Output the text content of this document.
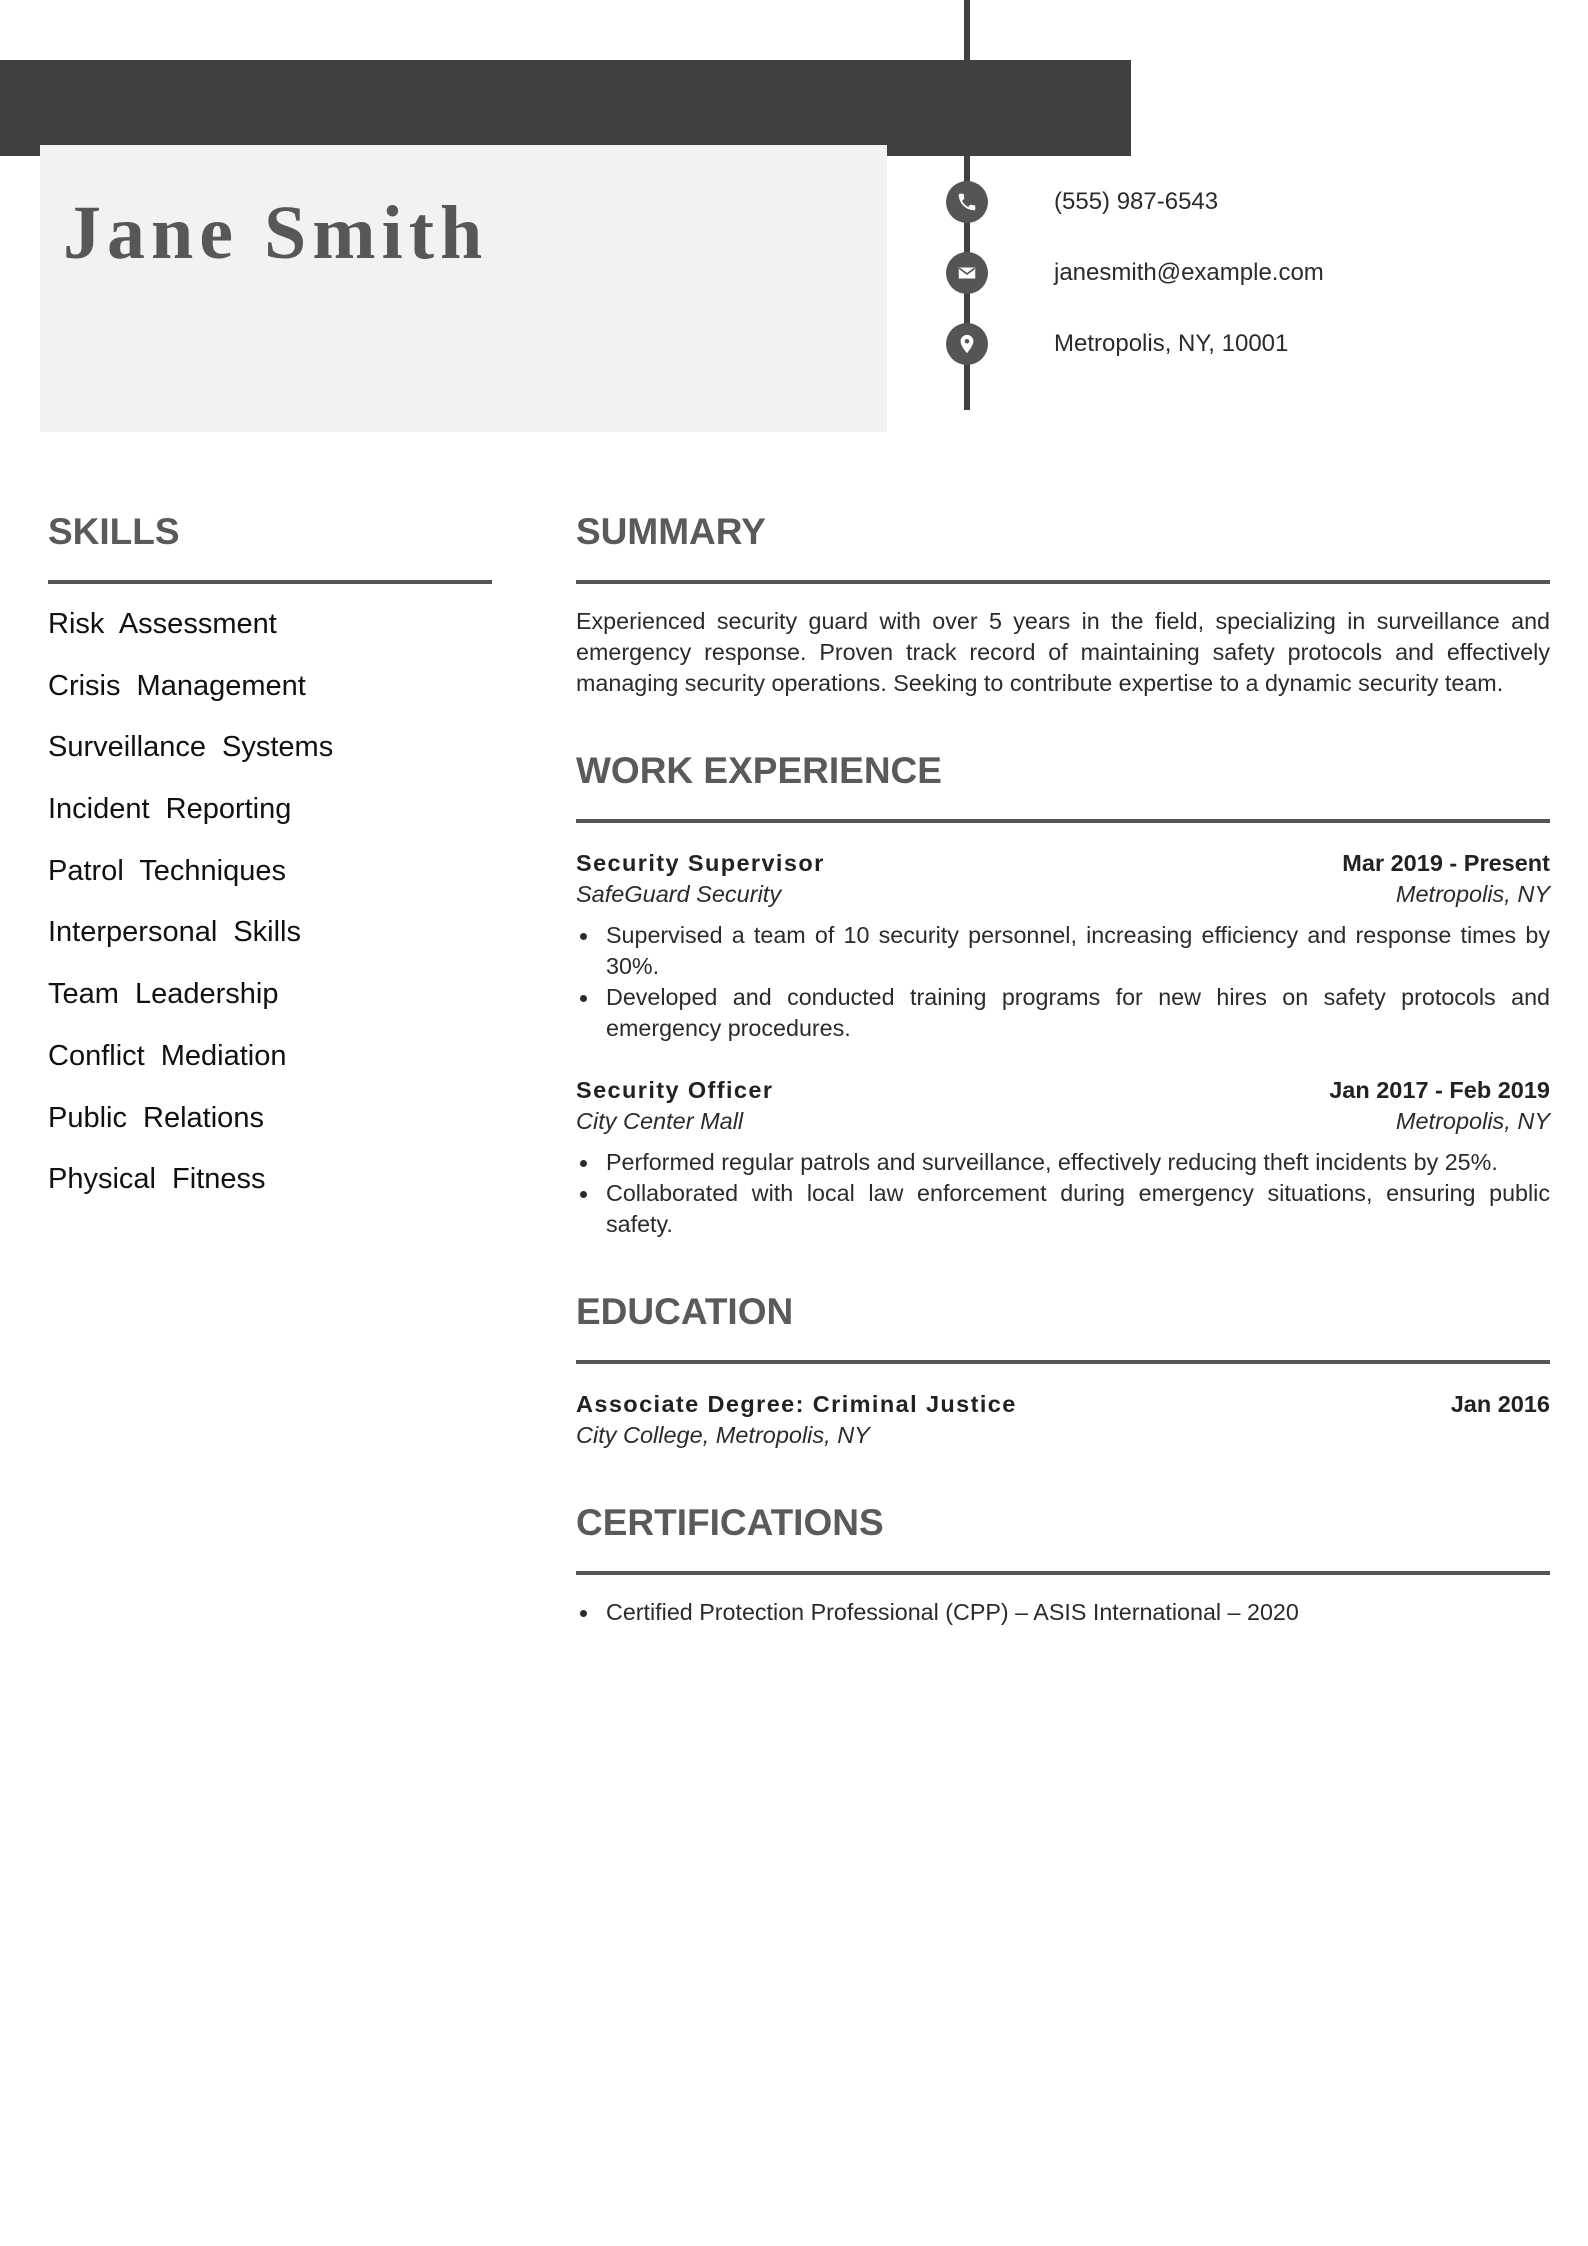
Jane Smith	(555) 987-6543
janesmith@example.com
Metropolis, NY, 10001
SKILLS
Risk Assessment
Crisis Management
Surveillance Systems
Incident Reporting
Patrol Techniques
Interpersonal Skills
Team Leadership
Conflict Mediation
Public Relations
Physical Fitness
SUMMARY

Experienced security guard with over 5 years in the field, specializing in surveillance and emergency response. Proven track record of maintaining safety protocols and effectively managing security operations. Seeking to contribute expertise to a dynamic security team.

WORK EXPERIENCE
Security Supervisor	Mar 2019 - Present
SafeGuard Security	Metropolis, NY
Supervised a team of 10 security personnel, increasing efficiency and response times by 30%.
Developed and conducted training programs for new hires on safety protocols and emergency procedures.
Security Officer	Jan 2017 - Feb 2019
City Center Mall	Metropolis, NY
Performed regular patrols and surveillance, effectively reducing theft incidents by 25%.
Collaborated with local law enforcement during emergency situations, ensuring public safety.
EDUCATION
Associate Degree: Criminal Justice	Jan 2016
City College, Metropolis, NY
CERTIFICATIONS
Certified Protection Professional (CPP) – ASIS International – 2020
